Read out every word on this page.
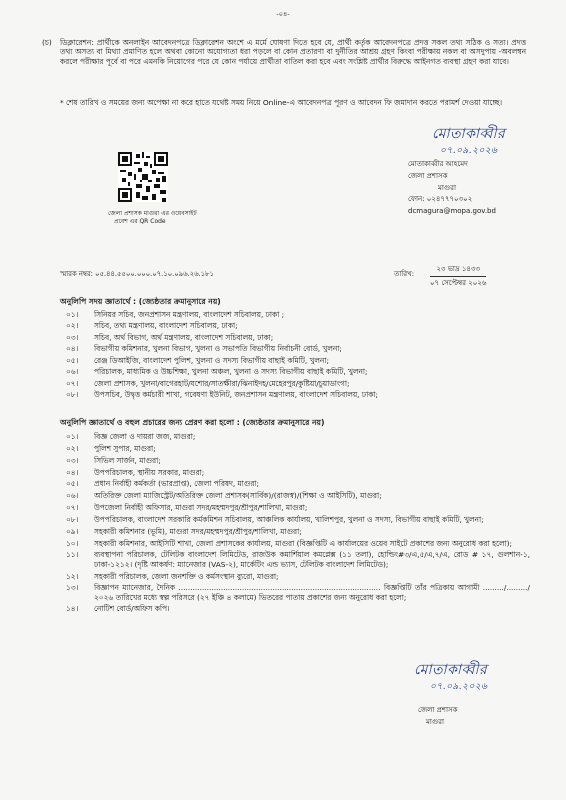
-০৪-
(চ) ডিক্লারেশন: প্রার্থীকে অনলাইন আবেদনপত্রে ডিক্লারেশন অংশে এ মর্মে ঘোষণা দিতে হবে যে, প্রার্থী কর্তৃক আবেদনপত্রে প্রদত্ত সকল তথ্য সঠিক ও সত্য। প্রদত্ত তথ্য অসত্য বা মিথ্যা প্রমাণিত হলে অথবা কোনো অযোগ্যতা ধরা পড়লে বা কোন প্রতারণা বা দুর্নীতির আশ্রয় গ্রহণ কিংবা পরীক্ষায় নকল বা অসদুপায় -অবলম্বন করলে পরীক্ষার পূর্বে বা পরে এমনকি নিয়োগের পরে যে কোন পর্যায়ে প্রার্থীতা বাতিল করা হবে এবং সংশ্লিষ্ট প্রার্থীর বিরুদ্ধে আইনগত ব্যবস্থা গ্রহণ করা যাবে।
* শেষ তারিখ ও সময়ের জন্য অপেক্ষা না করে হাতে যথেষ্ট সময় নিয়ে Online-এ আবেদনপত্র পূরণ ও আবেদন ফি জমাদান করতে পরামর্শ দেওয়া যাচ্ছে।
মোতাকাব্বীর
০৭.০৯.২০২৬
মোতাকাব্বীর আহমেদ
জেলা প্রশাসক
মাগুরা
ফোন: ০২৪৭৭৭০৩০২
dcmagura@mopa.gov.bd
জেলা প্রশাসক মাগুরা এর ওয়েবসাইট
প্রবেশ এর QR Code
স্মারক নম্বর: ০৫.৪৪.৫৫০০.০০০.০৭.১০.০৯৬.২৬.১৮১	তারিখ:
২৩ ভাদ্র ১৪৩৩
০৭ সেপ্টেম্বর ২০২৬
অনুলিপি সদয় জ্ঞাতার্থে : (জ্যেষ্ঠতার ক্রমানুসারে নয়)
০১।	সিনিয়র সচিব, জনপ্রশাসন মন্ত্রণালয়, বাংলাদেশ সচিবালয়, ঢাকা ;
০২।	সচিব, তথ্য মন্ত্রণালয়, বাংলাদেশ সচিবালয়, ঢাকা;
০৩।	সচিব, অর্থ বিভাগ, অর্থ মন্ত্রণালয়, বাংলাদেশ সচিবালয়, ঢাকা;
০৪।	বিভাগীয় কমিশনার, খুলনা বিভাগ, খুলনা ও সভাপতি বিভাগীয় নির্বাচনী বোর্ড, খুলনা;
০৫।	রেঞ্জ ডিআইজি, বাংলাদেশ পুলিশ, খুলনা ও সদস্য বিভাগীয় বাছাই কমিটি, খুলনা;
০৬।	পরিচালক, মাধ্যমিক ও উচ্চশিক্ষা, খুলনা অঞ্চল, খুলনা ও সদস্য বিভাগীয় বাছাই কমিটি, খুলনা;
০৭।	জেলা প্রশাসক, খুলনা/বাগেরহাট/যশোর/সাতক্ষীরা/ঝিনাইদহ/মেহেরপুর/কুষ্টিয়া/চুয়াডাংগা;
০৮।	উপসচিব, উদ্বৃত্ত কর্মচারী শাখা, গবেষণা ইউনিট, জনপ্রশাসন মন্ত্রণালয়, বাংলাদেশ সচিবালয়, ঢাকা;
অনুলিপি জ্ঞাতার্থে ও বহুল প্রচারের জন্য প্রেরণ করা হলো : (জ্যেষ্ঠতার ক্রমানুসারে নয়)
০১।	বিজ্ঞ জেলা ও দায়রা জজ, মাগুরা;
০২।	পুলিশ সুপার, মাগুরা;
০৩।	সিভিল সার্জন, মাগুরা;
০৪।	উপপরিচালক, স্থানীয় সরকার, মাগুরা;
০৫।	প্রধান নির্বাহী কর্মকর্তা (ভারপ্রাপ্ত), জেলা পরিষদ, মাগুরা;
০৬।	অতিরিক্ত জেলা ম্যাজিস্ট্রেট/অতিরিক্ত জেলা প্রশাসক(সার্বিক)/(রাজস্ব)/(শিক্ষা ও আইসিটি), মাগুরা;
০৭।	উপজেলা নির্বাহী অফিসার, মাগুরা সদর/মহম্মদপুর/শ্রীপুর/শালিখা, মাগুরা;
০৮।	উপপরিচালক, বাংলাদেশ সরকারি কর্মকমিশন সচিবালয়, আঞ্চলিক কার্যালয়, খালিশপুর, খুলনা ও সদস্য, বিভাগীয় বাছাই কমিটি, খুলনা;
০৯।	সহকারী কমিশনার (ভূমি), মাগুরা সদর/মহম্মদপুর/শ্রীপুর/শালিখা, মাগুরা;
১০।	সহকারী কমিশনার, আইসিটি শাখা, জেলা প্রশাসকের কার্যালয়, মাগুরা (বিজ্ঞপ্তিটি এ কার্যালয়ের ওয়েব সাইটে প্রকাশের জন্য অনুরোধ করা হলো);
১১।	ব্যবস্থাপনা পরিচালক, টেলিটক বাংলাদেশ লিমিটেড, রাজউক কমার্শিয়াল কমপ্লেক্স (১১ তলা), হোল্ডিং#৩/এ,৫/এ,৭/এ, রোড # ১৭, গুলশান-১, ঢাকা-১২১২। (দৃষ্টি আকর্ষণ: ম্যানেজার (VAS-২), মার্কেটিং এন্ড ভ্যাস, টেলিটক বাংলাদেশ লিমিটেড);
১২।	সহকারী পরিচালক, জেলা জনশক্তি ও কর্মসংস্থান ব্যুরো, মাগুরা;
১৩।	বিজ্ঞাপন ম্যানেজার, দৈনিক ...................................................................................... বিজ্ঞপ্তিটি তাঁর পত্রিকায় আগামী ........./........./২০২৬ তারিখের মধ্যে স্বল্প পরিসরে (২৭ ইঞ্চি ৪ কলামে) ভিতরের পাতায় প্রকাশের জন্য অনুরোধ করা হলো;
১৪।	নোটিশ বোর্ড/অফিস কপি।
মোতাকাব্বীর
০৭.০৯.২০২৬
জেলা প্রশাসক
মাগুরা
